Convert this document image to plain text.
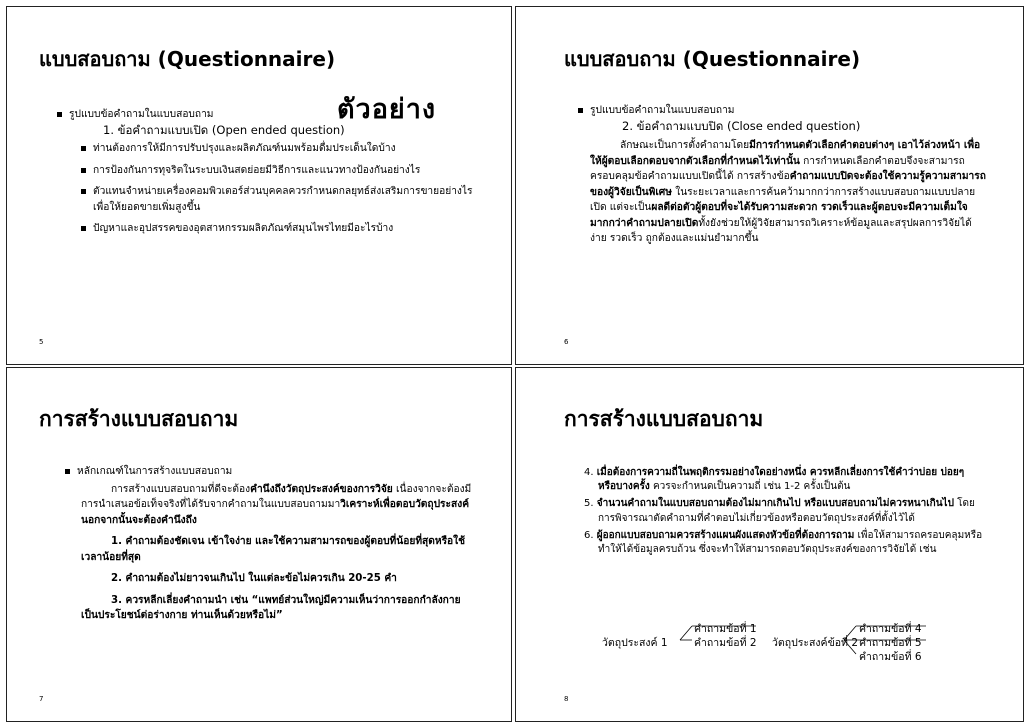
แบบสอบถาม (Questionnaire)
ตัวอย่าง

รูปแบบข้อคำถามในแบบสอบถาม

1. ข้อคำถามแบบเปิด (Open ended question)

ท่านต้องการให้มีการปรับปรุงและผลิตภัณฑ์นมพร้อมดื่มประเด็นใดบ้าง

การป้องกันการทุจริตในระบบเงินสดย่อยมีวิธีการและแนวทางป้องกันอย่างไร

ตัวแทนจำหน่ายเครื่องคอมพิวเตอร์ส่วนบุคคลควรกำหนดกลยุทธ์ส่งเสริมการขายอย่างไรเพื่อให้ยอดขายเพิ่มสูงขึ้น

ปัญหาและอุปสรรคของอุตสาหกรรมผลิตภัณฑ์สมุนไพรไทยมีอะไรบ้าง

5
แบบสอบถาม (Questionnaire)

รูปแบบข้อคำถามในแบบสอบถาม

2. ข้อคำถามแบบปิด (Close ended question)

ลักษณะเป็นการตั้งคำถามโดยมีการกำหนดตัวเลือกคำตอบต่างๆ เอาไว้ล่วงหน้า เพื่อให้ผู้ตอบเลือกตอบจากตัวเลือกที่กำหนดไว้เท่านั้น การกำหนดเลือกคำตอบจึงจะสามารถครอบคลุมข้อคำถามแบบเปิดนี้ได้ การสร้างข้อคำถามแบบปิดจะต้องใช้ความรู้ความสามารถของผู้วิจัยเป็นพิเศษ ในระยะเวลาและการค้นคว้ามากกว่าการสร้างแบบสอบถามแบบปลายเปิด แต่จะเป็นผลดีต่อตัวผู้ตอบที่จะได้รับความสะดวก รวดเร็วและผู้ตอบจะมีความเต็มใจมากกว่าคำถามปลายเปิดทั้งยังช่วยให้ผู้วิจัยสามารถวิเคราะห์ข้อมูลและสรุปผลการวิจัยได้ง่าย รวดเร็ว ถูกต้องและแม่นยำมากขึ้น

6
การสร้างแบบสอบถาม

หลักเกณฑ์ในการสร้างแบบสอบถาม

การสร้างแบบสอบถามที่ดีจะต้องคำนึงถึงวัตถุประสงค์ของการวิจัย เนื่องจากจะต้องมีการนำเสนอข้อเท็จจริงที่ได้รับจากคำถามในแบบสอบถามมาวิเคราะห์เพื่อตอบวัตถุประสงค์ นอกจากนั้นจะต้องคำนึงถึง

1. คำถามต้องชัดเจน เข้าใจง่าย และใช้ความสามารถของผู้ตอบที่น้อยที่สุดหรือใช้เวลาน้อยที่สุด

2. คำถามต้องไม่ยาวจนเกินไป ในแต่ละข้อไม่ควรเกิน 20-25 คำ

3. ควรหลีกเลี่ยงคำถามนำ เช่น “แพทย์ส่วนใหญ่มีความเห็นว่าการออกกำลังกายเป็นประโยชน์ต่อร่างกาย ท่านเห็นด้วยหรือไม่”

7
การสร้างแบบสอบถาม

4. เมื่อต้องการความถี่ในพฤติกรรมอย่างใดอย่างหนึ่ง ควรหลีกเลี่ยงการใช้คำว่าบ่อย บ่อยๆ หรือบางครั้ง ควรจะกำหนดเป็นความถี่ เช่น 1-2 ครั้งเป็นต้น

5. จำนวนคำถามในแบบสอบถามต้องไม่มากเกินไป หรือแบบสอบถามไม่ควรหนาเกินไป โดยการพิจารณาตัดคำถามที่คำตอบไม่เกี่ยวข้องหรือตอบวัตถุประสงค์ที่ตั้งไว้ได้

6. ผู้ออกแบบสอบถามควรสร้างแผนผังแสดงหัวข้อที่ต้องการถาม เพื่อให้สามารถครอบคลุมหรือทำให้ได้ข้อมูลครบถ้วน ซึ่งจะทำให้สามารถตอบวัตถุประสงค์ของการวิจัยได้ เช่น

วัตถุประสงค์ 1
คำถามข้อที่ 1
คำถามข้อที่ 2 วัตถุประสงค์ข้อที่ 2
คำถามข้อที่ 4
คำถามข้อที่ 5
คำถามข้อที่ 6
8
